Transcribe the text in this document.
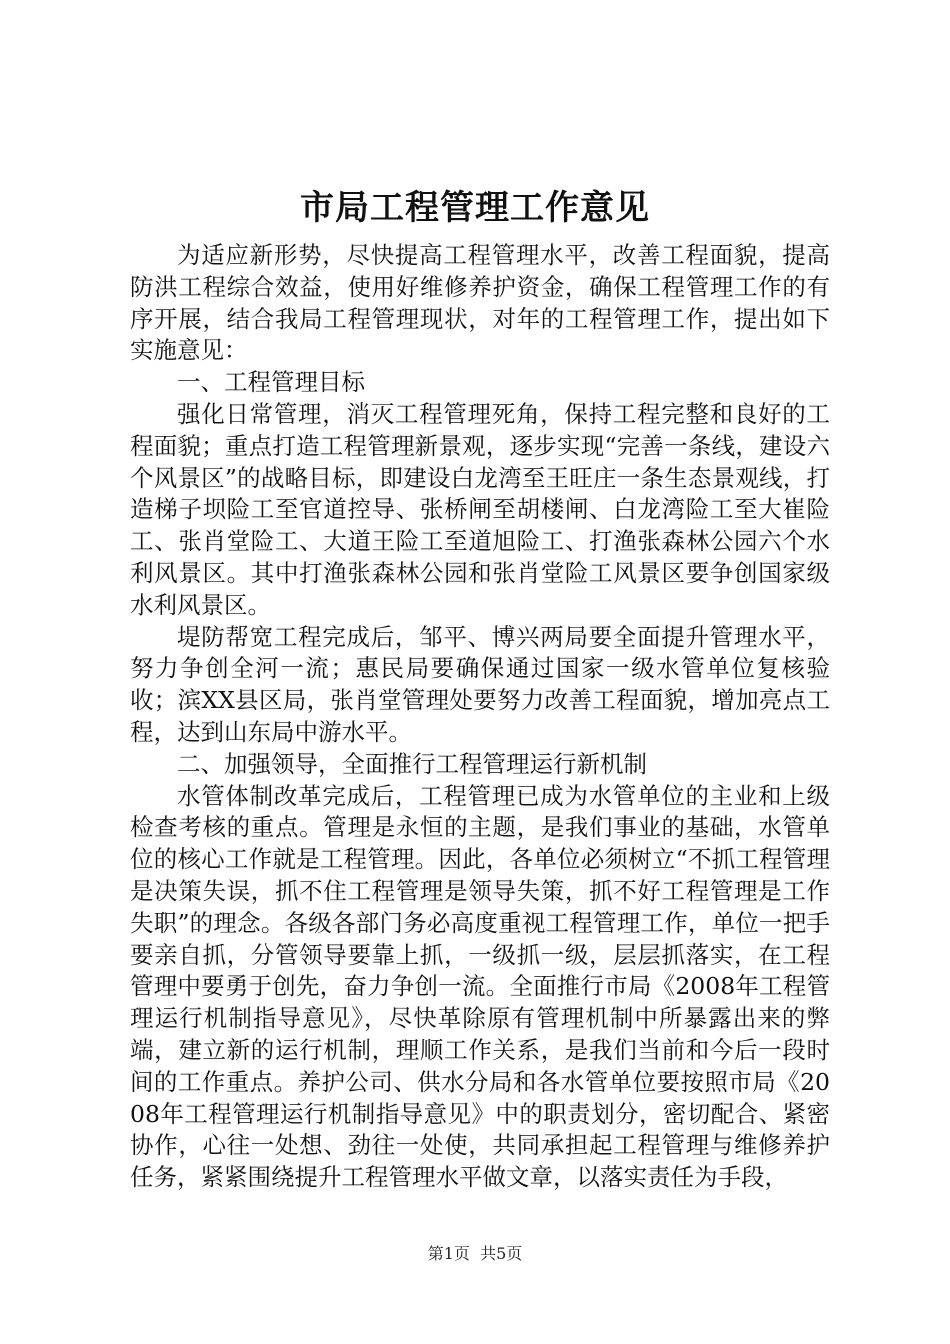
市局工程管理工作意见

为适应新形势，尽快提高工程管理水平，改善工程面貌，提高防洪工程综合效益，使用好维修养护资金，确保工程管理工作的有序开展，结合我局工程管理现状，对年的工程管理工作，提出如下实施意见：

一、工程管理目标

强化日常管理，消灭工程管理死角，保持工程完整和良好的工程面貌；重点打造工程管理新景观，逐步实现“完善一条线，建设六个风景区”的战略目标，即建设白龙湾至王旺庄一条生态景观线，打造梯子坝险工至官道控导、张桥闸至胡楼闸、白龙湾险工至大崔险工、张肖堂险工、大道王险工至道旭险工、打渔张森林公园六个水利风景区。其中打渔张森林公园和张肖堂险工风景区要争创国家级水利风景区。

堤防帮宽工程完成后，邹平、博兴两局要全面提升管理水平，努力争创全河一流；惠民局要确保通过国家一级水管单位复核验收；滨XX县区局，张肖堂管理处要努力改善工程面貌，增加亮点工程，达到山东局中游水平。

二、加强领导，全面推行工程管理运行新机制

水管体制改革完成后，工程管理已成为水管单位的主业和上级检查考核的重点。管理是永恒的主题，是我们事业的基础，水管单位的核心工作就是工程管理。因此，各单位必须树立“不抓工程管理是决策失误，抓不住工程管理是领导失策，抓不好工程管理是工作失职”的理念。各级各部门务必高度重视工程管理工作，单位一把手要亲自抓，分管领导要靠上抓，一级抓一级，层层抓落实，在工程管理中要勇于创先，奋力争创一流。全面推行市局《2008年工程管理运行机制指导意见》，尽快革除原有管理机制中所暴露出来的弊端，建立新的运行机制，理顺工作关系，是我们当前和今后一段时间的工作重点。养护公司、供水分局和各水管单位要按照市局《2008年工程管理运行机制指导意见》中的职责划分，密切配合、紧密协作，心往一处想、劲往一处使，共同承担起工程管理与维修养护任务，紧紧围绕提升工程管理水平做文章，以落实责任为手段，

第1页 共5页
